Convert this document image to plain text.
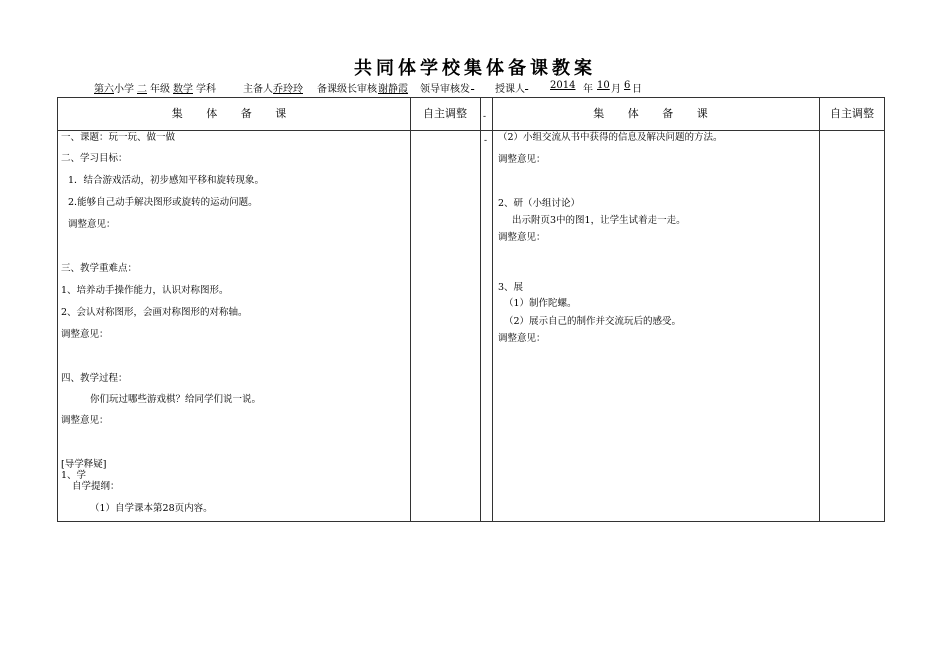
共同体学校集体备课教案
第六 小学 二 年级 数学 学科	主备人 乔玲玲 备课级长审核 谢静霞 领导审核发
	授课人
	2014 年 10 月 6 日
集 体 备 课	自主调整	集 体 备 课	自主调整
-
-
一、课题：玩一玩、做一做
二、学习目标：
1．结合游戏活动，初步感知平移和旋转现象。
2.能够自己动手解决图形或旋转的运动问题。
调整意见：
三、教学重难点：
1、培养动手操作能力，认识对称图形。
2、会认对称图形，会画对称图形的对称轴。
调整意见：
四、教学过程：
你们玩过哪些游戏棋？给同学们说一说。
调整意见：
[导学释疑]
1、学
自学提纲：
（1）自学课本第28页内容。
（2）小组交流从书中获得的信息及解决问题的方法。
调整意见：
2、研（小组讨论）
出示附页3中的图1，让学生试着走一走。
调整意见：
3、展
（1）制作陀螺。
（2）展示自己的制作并交流玩后的感受。
调整意见：
